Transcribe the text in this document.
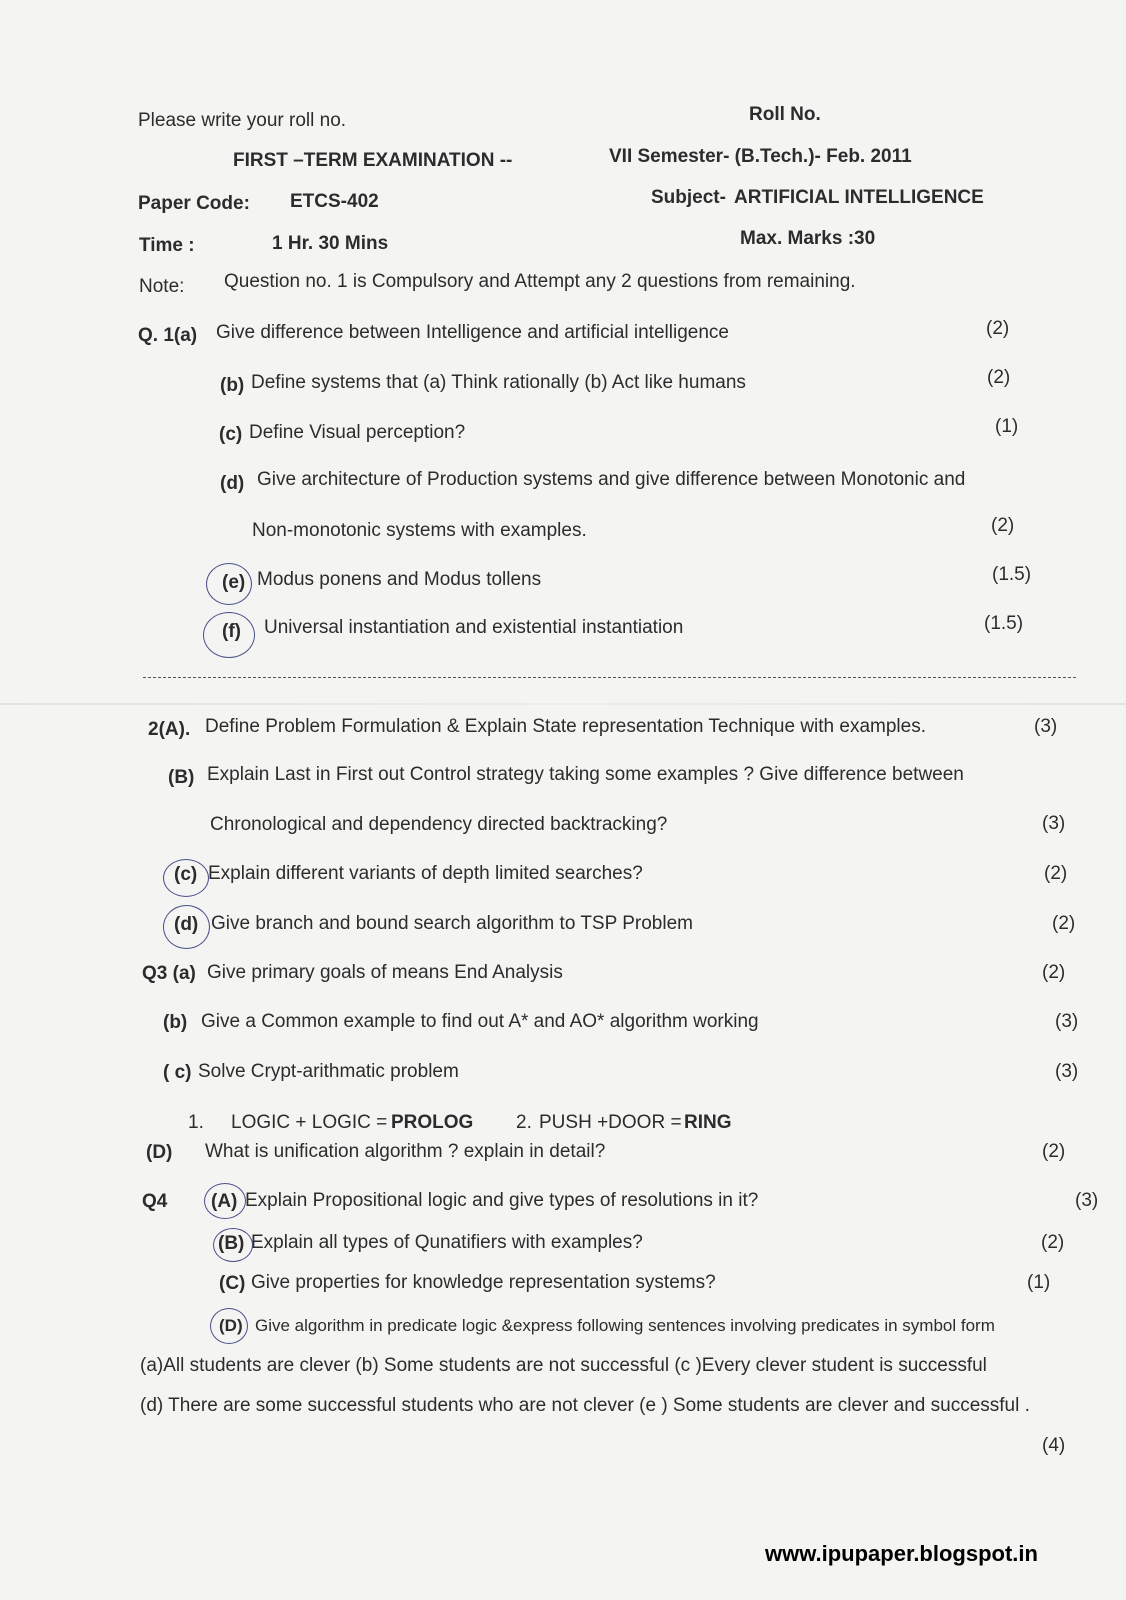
Please write your roll no.	Roll No.
FIRST –TERM EXAMINATION --	VII Semester- (B.Tech.)- Feb. 2011
Paper Code: ETCS-402	Subject- ARTIFICIAL INTELLIGENCE
Time :	1 Hr. 30 Mins	Max. Marks :30
Note: Question no. 1 is Compulsory and Attempt any 2 questions from remaining.
Q. 1(a) Give difference between Intelligence and artificial intelligence	(2)
(b) Define systems that (a) Think rationally (b) Act like humans	(2)
(c) Define Visual perception?	(1)
(d) Give architecture of Production systems and give difference between Monotonic and
Non-monotonic systems with examples.	(2)
(e) Modus ponens and Modus tollens	(1.5)
(f) Universal instantiation and existential instantiation	(1.5)
2(A). Define Problem Formulation & Explain State representation Technique with examples.	(3)
(B) Explain Last in First out Control strategy taking some examples ? Give difference between
Chronological and dependency directed backtracking?	(3)
(c) Explain different variants of depth limited searches?	(2)
(d) Give branch and bound search algorithm to TSP Problem	(2)
Q3 (a) Give primary goals of means End Analysis	(2)
(b) Give a Common example to find out A* and AO* algorithm working	(3)
( c) Solve Crypt-arithmatic problem	(3)
1. LOGIC + LOGIC = PROLOG 2. PUSH +DOOR = RING
(D) What is unification algorithm ? explain in detail?	(2)
Q4 (A) Explain Propositional logic and give types of resolutions in it?	(3)
(B) Explain all types of Qunatifiers with examples?	(2)
(C) Give properties for knowledge representation systems?	(1)
(D) Give algorithm in predicate logic &express following sentences involving predicates in symbol form
(a)All students are clever (b) Some students are not successful (c )Every clever student is successful
(d) There are some successful students who are not clever (e ) Some students are clever and successful .
(4)
www.ipupaper.blogspot.in
